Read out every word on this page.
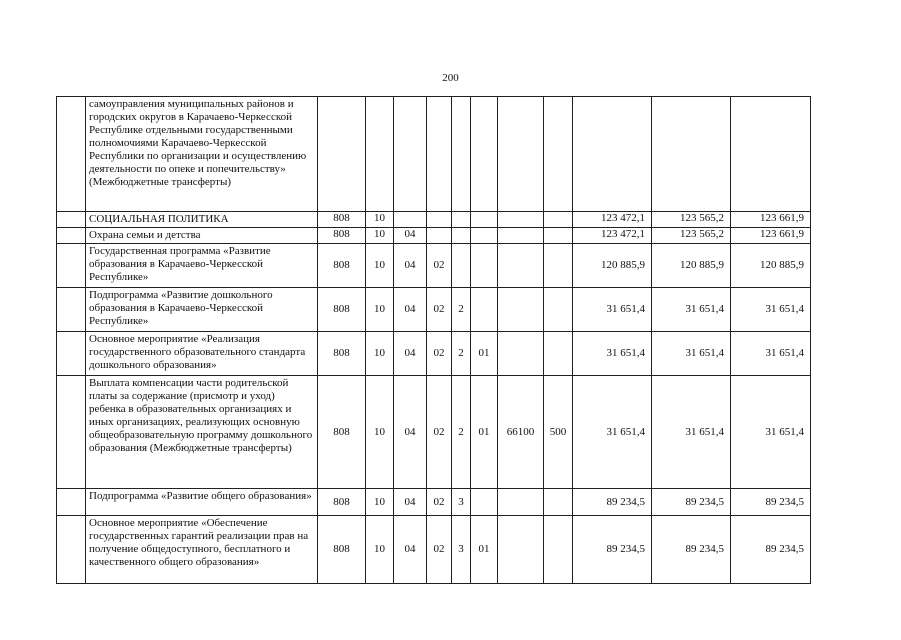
200
	самоуправления муниципальных районов и городских округов в Карачаево-Черкесской Республике отдельными государственными полномочиями Карачаево-Черкесской Республики по организации и осуществлению деятельности по опеке и попечительству» (Межбюджетные трансферты)											
	СОЦИАЛЬНАЯ ПОЛИТИКА	808	10							123 472,1	123 565,2	123 661,9
	Охрана семьи и детства	808	10	04						123 472,1	123 565,2	123 661,9
	Государственная программа «Развитие образования в Карачаево-Черкесской Республике»	808	10	04	02					120 885,9	120 885,9	120 885,9
	Подпрограмма «Развитие дошкольного образования в Карачаево-Черкесской Республике»	808	10	04	02	2				31 651,4	31 651,4	31 651,4
	Основное мероприятие «Реализация государственного образовательного стандарта дошкольного образования»	808	10	04	02	2	01			31 651,4	31 651,4	31 651,4
	Выплата компенсации части родительской платы за содержание (присмотр и уход) ребенка в образовательных организациях и иных организациях, реализующих основную общеобразовательную программу дошкольного образования (Межбюджетные трансферты)	808	10	04	02	2	01	66100	500	31 651,4	31 651,4	31 651,4
	Подпрограмма «Развитие общего образования»	808	10	04	02	3				89 234,5	89 234,5	89 234,5
	Основное мероприятие «Обеспечение государственных гарантий реализации прав на получение общедоступного, бесплатного и качественного общего образования»	808	10	04	02	3	01			89 234,5	89 234,5	89 234,5
